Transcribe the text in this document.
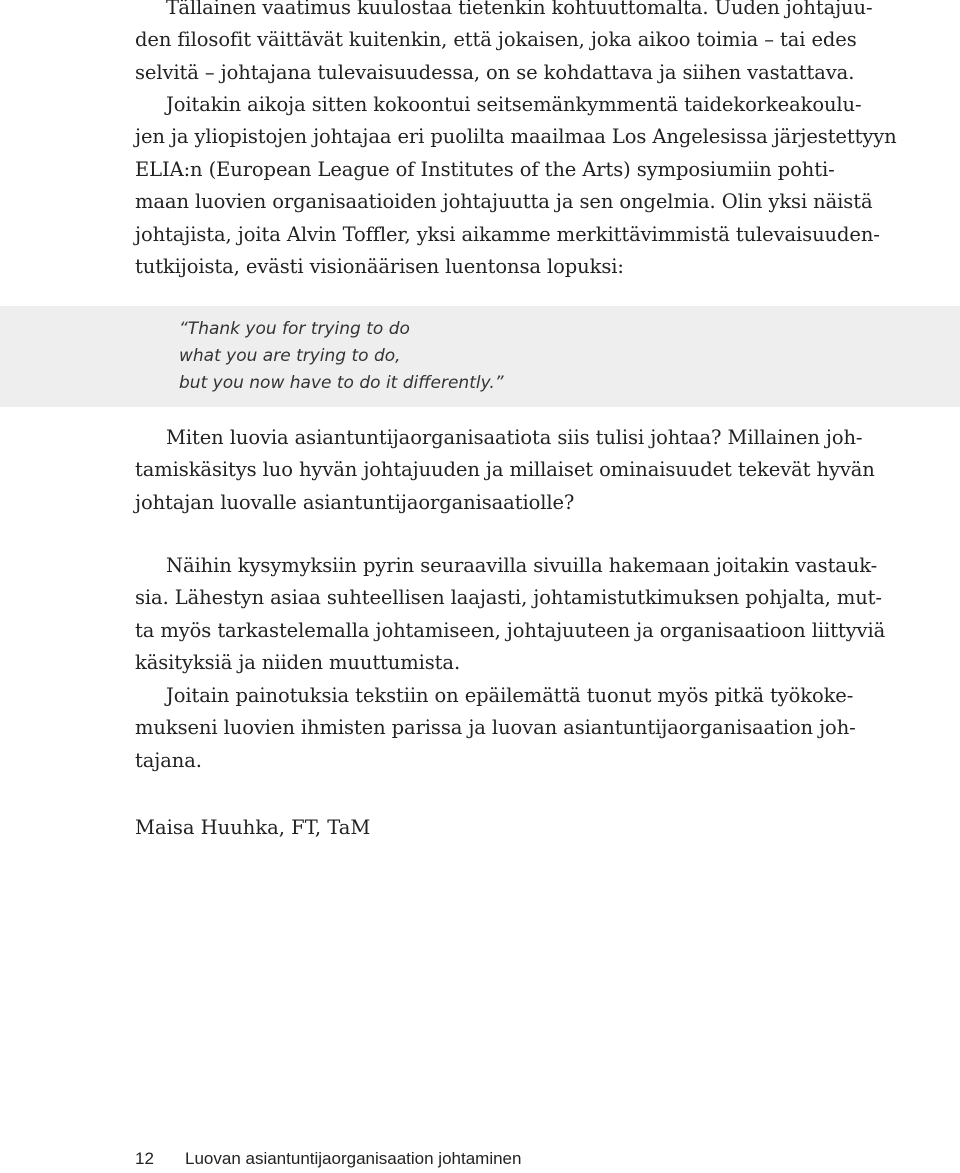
Tällainen vaatimus kuulostaa tietenkin kohtuuttomalta. Uuden johtajuu-
den filosofit väittävät kuitenkin, että jokaisen, joka aikoo toimia – tai edes
selvitä – johtajana tulevaisuudessa, on se kohdattava ja siihen vastattava.

Joitakin aikoja sitten kokoontui seitsemänkymmentä taidekorkeakoulu-
jen ja yliopistojen johtajaa eri puolilta maailmaa Los Angelesissa järjestettyyn
ELIA:n (European League of Institutes of the Arts) symposiumiin pohti-
maan luovien organisaatioiden johtajuutta ja sen ongelmia. Olin yksi näistä
johtajista, joita Alvin Toffler, yksi aikamme merkittävimmistä tulevaisuuden-
tutkijoista, evästi visionäärisen luentonsa lopuksi:

“Thank you for trying to do
what you are trying to do,
but you now have to do it differently.”

Miten luovia asiantuntijaorganisaatiota siis tulisi johtaa? Millainen joh-
tamiskäsitys luo hyvän johtajuuden ja millaiset ominaisuudet tekevät hyvän
johtajan luovalle asiantuntijaorganisaatiolle?

Näihin kysymyksiin pyrin seuraavilla sivuilla hakemaan joitakin vastauk-
sia. Lähestyn asiaa suhteellisen laajasti, johtamistutkimuksen pohjalta, mut-
ta myös tarkastelemalla johtamiseen, johtajuuteen ja organisaatioon liittyviä
käsityksiä ja niiden muuttumista.

Joitain painotuksia tekstiin on epäilemättä tuonut myös pitkä työkoke-
mukseni luovien ihmisten parissa ja luovan asiantuntijaorganisaation joh-
tajana.

Maisa Huuhka, FT, TaM
12 Luovan asiantuntijaorganisaation johtaminen
